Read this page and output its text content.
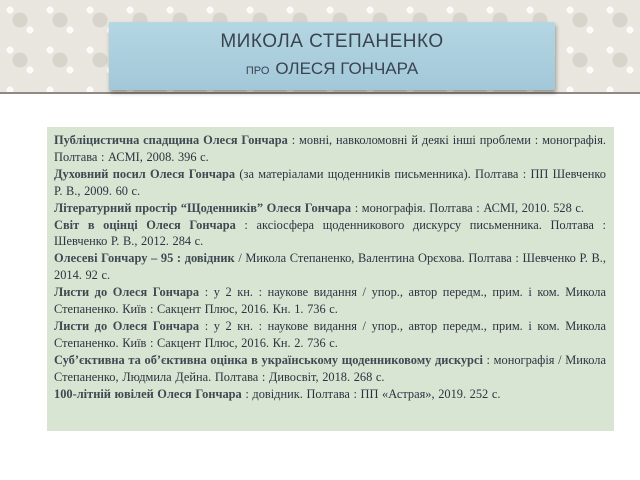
МИКОЛА СТЕПАНЕНКО
ПРО ОЛЕСЯ ГОНЧАРА
Публіцистична спадщина Олеся Гончара : мовні, навколомовні й деякі інші проблеми : монографія. Полтава : АСМІ, 2008. 396 с.
Духовний посил Олеся Гончара (за матеріалами щоденників письменника). Полтава : ПП Шевченко Р. В., 2009. 60 с.
Літературний простір “Щоденників” Олеся Гончара : монографія. Полтава : АСМІ, 2010. 528 с.
Світ в оцінці Олеся Гончара : аксіосфера щоденникового дискурсу письменника. Полтава : Шевченко Р. В., 2012. 284 с.
Олесеві Гончару – 95 : довідник / Микола Степаненко, Валентина Орєхова. Полтава : Шевченко Р. В., 2014. 92 с.
Листи до Олеся Гончара : у 2 кн. : наукове видання / упор., автор передм., прим. і ком. Микола Степаненко. Київ : Сакцент Плюс, 2016. Кн. 1. 736 с.
Листи до Олеся Гончара : у 2 кн. : наукове видання / упор., автор передм., прим. і ком. Микола Степаненко. Київ : Сакцент Плюс, 2016. Кн. 2. 736 с.
Суб’єктивна та об’єктивна оцінка в українському щоденниковому дискурсі : монографія / Микола Степаненко, Людмила Дейна. Полтава : Дивосвіт, 2018. 268 с.
100-літній ювілей Олеся Гончара : довідник. Полтава : ПП «Астрая», 2019. 252 с.
